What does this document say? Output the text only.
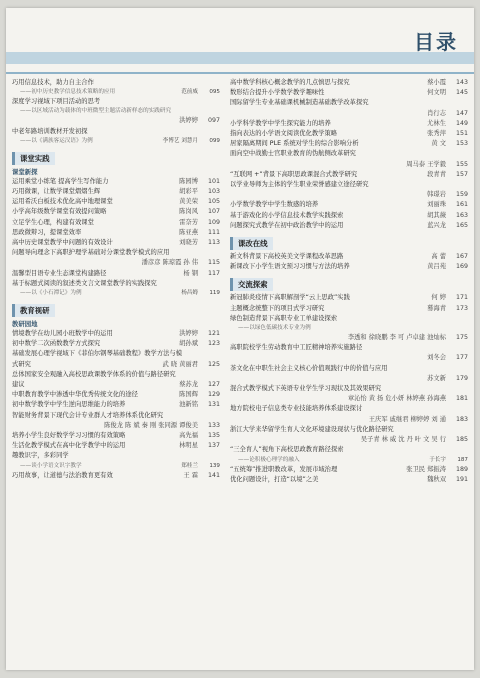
目录
巧用信息技术，助力自主合作
——初中历史教学信息技术策略的应用	范前威	095
深度学习视域下项目活动的思考
——以区域活动为载体的中班微型主题活动新样态的实践研究
洪婷婷	097
中老年路培训教材开发初探
——以《满族客运汉语》为例	李博艺 刘慧月	099
课堂实践
课堂新探
运用乘堂小练笔 提高学生写作能力	陈园博	101
巧用微课，让数学课堂熠熠生辉	胡彩平	103
运用希沃白板技术优化高中地理课堂	黄美荣	105
小学高年级数学课堂有效提问策略	陈岗风	107
立足学生心理，构建有效课堂	雷奈芳	109
思政微辩习，提课堂效率	陈亚燕	111
高中历史课堂教学中问题的有效设计	刘晓芳	113
问题导向理念下高职护理学基础对分课堂教学模式的应用
潘彦彦 陈琼霞 孙 伟	115
温馨型目语专业生态课堂构建路径	杨 钢	117
基于标题式阅读的叙述类文言文课堂教学的实践探究
——以《小石潭记》为例	杨昌姆	119
教育视研
教研园地
情境教学在幼儿园小班数学中的运用	洪婷婷	121
初中数学二次函数教学方式探究	胡孙斌	123
基础发展心理学视域下《菲伯尔钢琴基础教程》教学方法与模
式研究	武 晓 黄丽君	125
总体国家安全观融入高校思政课教学体系的价值与路径研究
建议	蔡苏龙	127
中职教育教学中渗透中华优秀传统文化的途径	陈国辉	129
初中数学教学中学生逆向思维能力的培养	池新铭	131
智能财务背景下现代会计专业群人才培养体系优化研究
陈俊龙 陈 斌 秦 刚 张同源 谭俊美	133
培养小学生良好数学学习习惯的有效策略	高先福	135
生活化教学模式在高中化学教学中的运用	林明星	137
趣教识字，多彩同学
——谈小学语文识字教学	郑桂兰	139
巧用故事，让道德与法治教育更有效	王 霖	141
高中数学科核心概念教学的几点慎思与探究	蔡小霞	143
数形结合提升小学数学教学趣味性	何文明	145
国际留学生专业基础课机械制造基础教学改革探究
肖行志	147
小学科学教学中学生探究能力的培养	尤林生	149
指向表达的小学语文阅读优化教学策略	张秀萍	151
居家隔离期间 PLE 系统对学生的综合影响分析	黄 文	153
面向空中战勤士官职业教育的伪航侧改革研究
周马泰 王学毅	155
“互联网 +”背景下高职思政课混合式教学研究	段青青	157
以学业导师为主体的学生职业荣誉感建立途径研究
韩璟岩	159
小学数学教学中学生数感的培养	刘丽珠	161
基于游戏化的小学信息技术教学实践探索	胡其薇	163
问题探究式教学在初中政治教学中的运用	蓝兴龙	165
课改在线
新文科背景下高校英美文学课程改革思路	高 蕾	167
新课改下小学生语文预习习惯与方法的培养	黄吕苑	169
交流探索
新冠肺炎疫情下高职解剖学“云上思政”实践	何 婷	171
主题概念统整下的项目式学习研究	蓦海青	173
绿色制造背景下高职专业工单建设探索
——以绿色低碳技术专业为例
李透和 徐晓鹏 李 可 卢卓建 池灿标	175
高职院校学生劳动教育中工匠精神培养实施路径
刘冬会	177
茶文化在中职生社会主义核心价值观践行中的价值与应用
苏文新	179
混合式教学模式下英语专业学生学习现状及其效果研究
章沁怡 黄 扬 危小妍 林婷燕 孙海燕	181
地方院校电子信息类专业技能培养体系建设探讨
王庆军 戚继君 柳婷婷 刘 通	183
浙江大学来华留学生育人文化环境建设现状与优化路径研究
吴子青 林 威 沈 丹 叶 文 吴 行	185
“三全育人”视角下高校思政教育路径探索
——论积极心理学的融入	于长宇	187
“五统筹”推进职教改革，发展市域治理	张卫民 郑振涛	189
优化问题设计，打造“以境”之美	魏秋双	191
